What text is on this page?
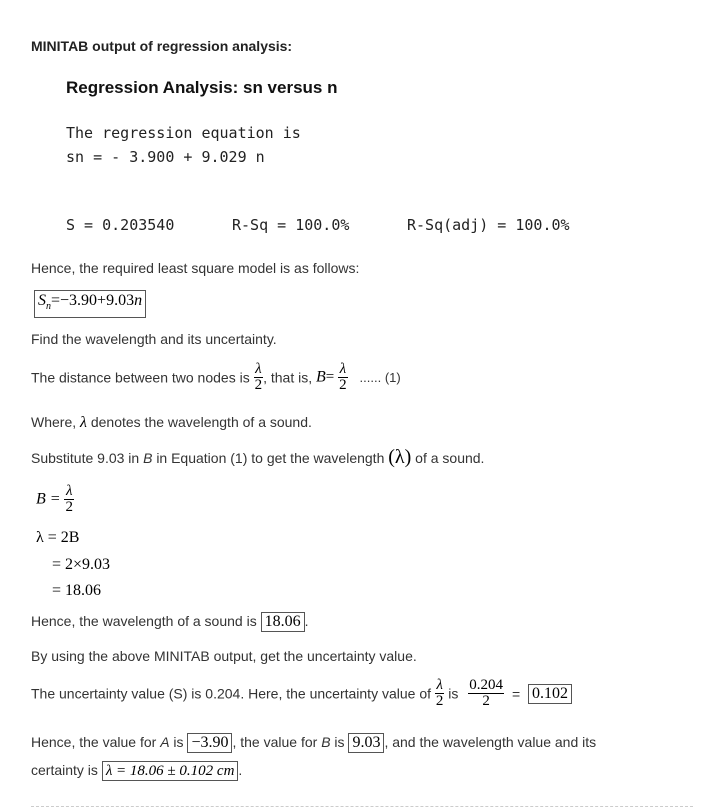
MINITAB output of regression analysis:
Regression Analysis: sn versus n
The regression equation is
sn = - 3.900 + 9.029 n
S = 0.203540	R-Sq = 100.0%	R-Sq(adj) = 100.0%
Hence, the required least square model is as follows:
$S_n=-3.90+9.03n$
Find the wavelength and its uncertainty.
The distance between two nodes is $\frac{\lambda}{2}$ , that is, $B= \frac{\lambda}{2}$ ...... (1)
Where, λ denotes the wavelength of a sound.
Substitute 9.03 in B in Equation (1) to get the wavelength (λ) of a sound.
$B = \frac{\lambda}{2}$
λ = 2B
= 2×9.03
= 18.06
Hence, the wavelength of a sound is 18.06 .
By using the above MINITAB output, get the uncertainty value.
The uncertainty value (S) is 0.204. Here, the uncertainty value of $\frac{\lambda}{2}$ is $\frac{0.204}{2} = 0.102$
Hence, the value for A is −3.90 , the value for B is 9.03 , and the wavelength value and its
certainty is λ = 18.06 ± 0.102 cm .
